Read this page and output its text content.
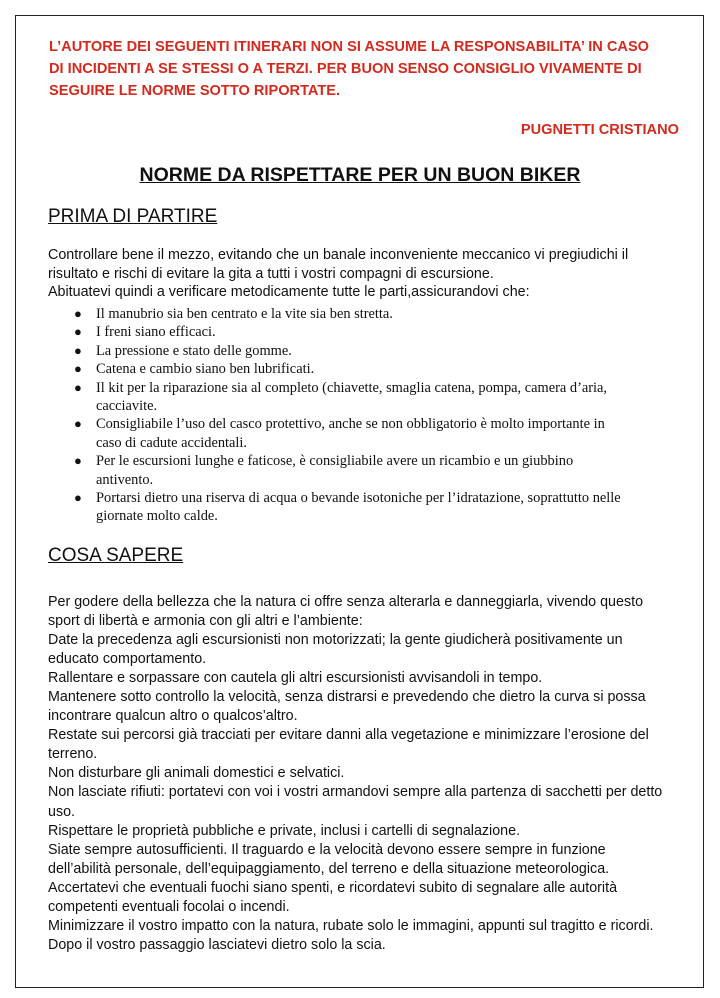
L’AUTORE DEI SEGUENTI ITINERARI NON SI ASSUME LA RESPONSABILITA’ IN CASO
DI INCIDENTI A SE STESSI O A TERZI. PER BUON SENSO CONSIGLIO VIVAMENTE DI
SEGUIRE LE NORME SOTTO RIPORTATE.
PUGNETTI CRISTIANO
NORME DA RISPETTARE PER UN BUON BIKER
PRIMA DI PARTIRE
Controllare bene il mezzo, evitando che un banale inconveniente meccanico vi pregiudichi il
risultato e rischi di evitare la gita a tutti i vostri compagni di escursione.
Abituatevi quindi a verificare metodicamente tutte le parti,assicurandovi che:
● Il manubrio sia ben centrato e la vite sia ben stretta.
● I freni siano efficaci.
● La pressione e stato delle gomme.
● Catena e cambio siano ben lubrificati.
● Il kit per la riparazione sia al completo (chiavette, smaglia catena, pompa, camera d’aria,
cacciavite.
● Consigliabile l’uso del casco protettivo, anche se non obbligatorio è molto importante in
caso di cadute accidentali.
● Per le escursioni lunghe e faticose, è consigliabile avere un ricambio e un giubbino
antivento.
● Portarsi dietro una riserva di acqua o bevande isotoniche per l’idratazione, soprattutto nelle
giornate molto calde.
COSA SAPERE
Per godere della bellezza che la natura ci offre senza alterarla e danneggiarla, vivendo questo
sport di libertà e armonia con gli altri e l’ambiente:
Date la precedenza agli escursionisti non motorizzati; la gente giudicherà positivamente un
educato comportamento.
Rallentare e sorpassare con cautela gli altri escursionisti avvisandoli in tempo.
Mantenere sotto controllo la velocità, senza distrarsi e prevedendo che dietro la curva si possa
incontrare qualcun altro o qualcos’altro.
Restate sui percorsi già tracciati per evitare danni alla vegetazione e minimizzare l’erosione del
terreno.
Non disturbare gli animali domestici e selvatici.
Non lasciate rifiuti: portatevi con voi i vostri armandovi sempre alla partenza di sacchetti per detto
uso.
Rispettare le proprietà pubbliche e private, inclusi i cartelli di segnalazione.
Siate sempre autosufficienti. Il traguardo e la velocità devono essere sempre in funzione
dell’abilità personale, dell’equipaggiamento, del terreno e della situazione meteorologica.
Accertatevi che eventuali fuochi siano spenti, e ricordatevi subito di segnalare alle autorità
competenti eventuali focolai o incendi.
Minimizzare il vostro impatto con la natura, rubate solo le immagini, appunti sul tragitto e ricordi.
Dopo il vostro passaggio lasciatevi dietro solo la scia.
